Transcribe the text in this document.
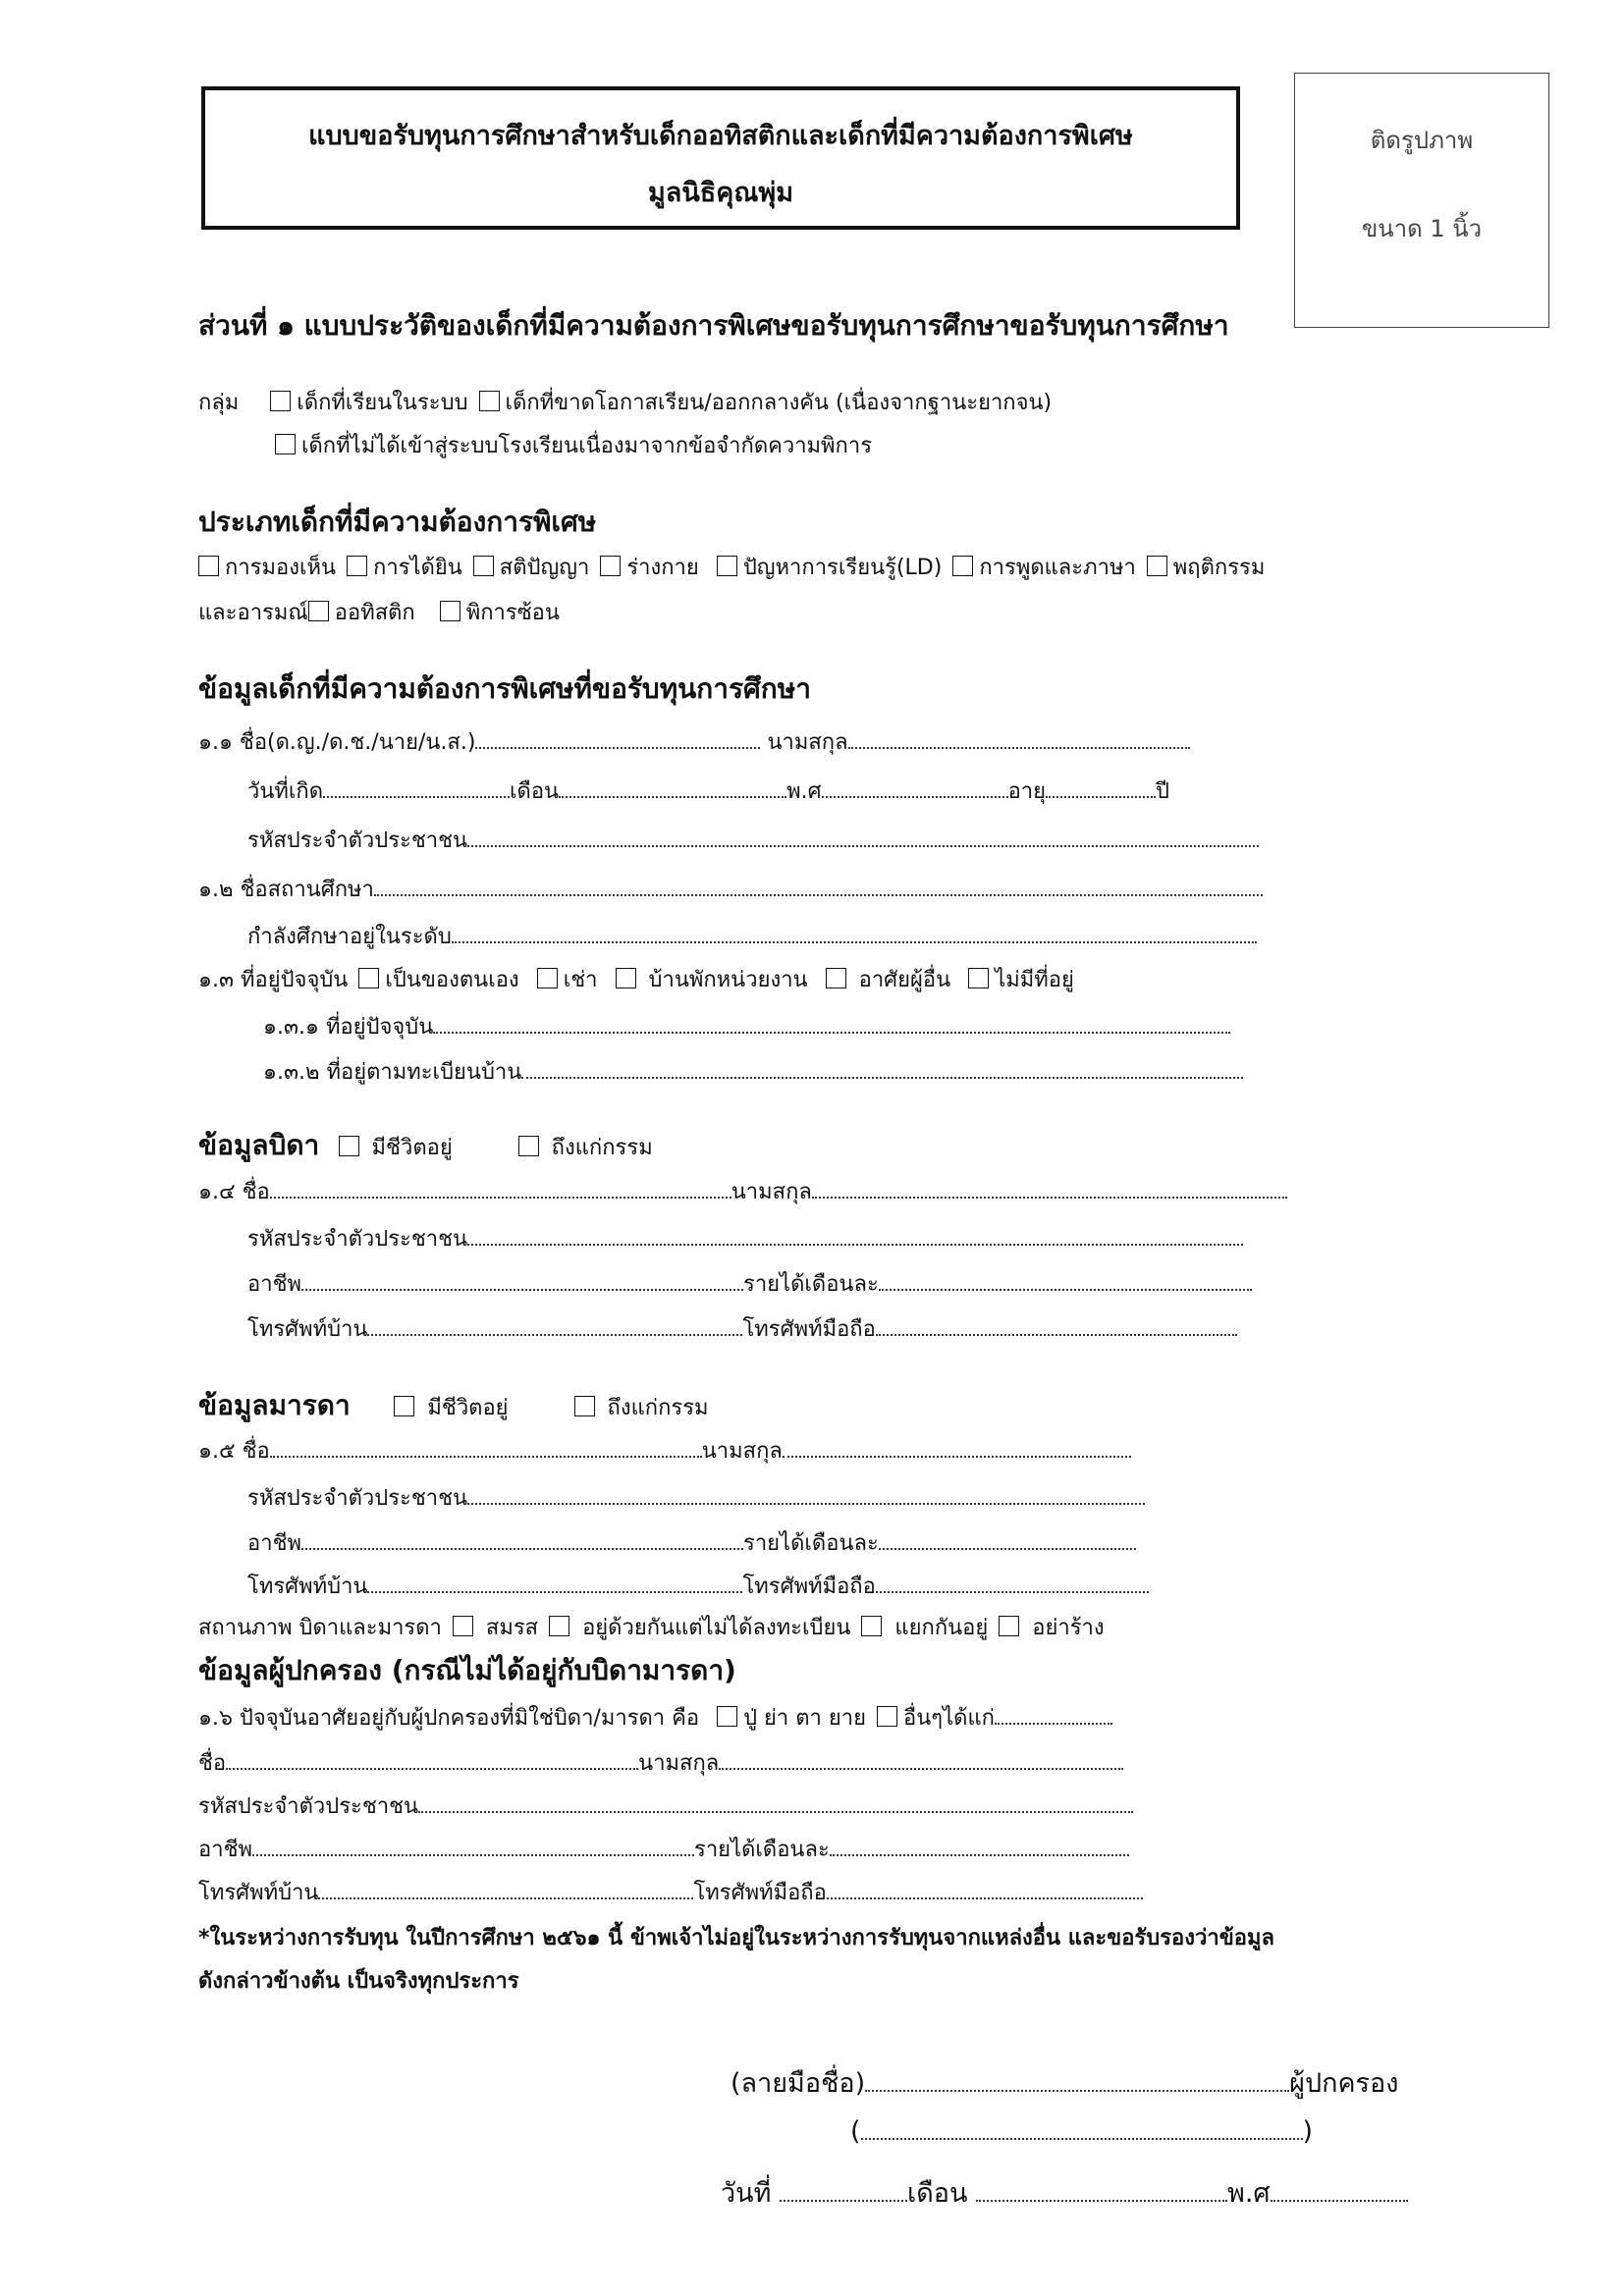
แบบขอรับทุนการศึกษาสำหรับเด็กออทิสติกและเด็กที่มีความต้องการพิเศษ
มูลนิธิคุณพุ่ม
ติดรูปภาพ
ขนาด 1 นิ้ว
ส่วนที่ ๑ แบบประวัติของเด็กที่มีความต้องการพิเศษขอรับทุนการศึกษาขอรับทุนการศึกษา
กลุ่ม	เด็กที่เรียนในระบบ เด็กที่ขาดโอกาสเรียน/ออกกลางคัน (เนื่องจากฐานะยากจน)
เด็กที่ไม่ได้เข้าสู่ระบบโรงเรียนเนื่องมาจากข้อจำกัดความพิการ
ประเภทเด็กที่มีความต้องการพิเศษ
การมองเห็น การได้ยิน สติปัญญา ร่างกาย ปัญหาการเรียนรู้(LD) การพูดและภาษา พฤติกรรม
และอารมณ์ ออทิสติก พิการซ้อน
ข้อมูลเด็กที่มีความต้องการพิเศษที่ขอรับทุนการศึกษา
๑.๑ ชื่อ(ด.ญ./ด.ช./นาย/น.ส.)	นามสกุล
วันที่เกิด	เดือน	พ.ศ	อายุ	ปี
รหัสประจำตัวประชาชน
๑.๒ ชื่อสถานศึกษา
กำลังศึกษาอยู่ในระดับ
๑.๓ ที่อยู่ปัจจุบัน เป็นของตนเอง เช่า บ้านพักหน่วยงาน อาศัยผู้อื่น ไม่มีที่อยู่
๑.๓.๑ ที่อยู่ปัจจุบัน
๑.๓.๒ ที่อยู่ตามทะเบียนบ้าน
ข้อมูลบิดา มีชีวิตอยู่	ถึงแก่กรรม
๑.๔ ชื่อ	นามสกุล
รหัสประจำตัวประชาชน
อาชีพ	รายได้เดือนละ
โทรศัพท์บ้าน	โทรศัพท์มือถือ
ข้อมูลมารดา	มีชีวิตอยู่	ถึงแก่กรรม
๑.๕ ชื่อ	นามสกุล
รหัสประจำตัวประชาชน
อาชีพ	รายได้เดือนละ
โทรศัพท์บ้าน	โทรศัพท์มือถือ
สถานภาพ บิดาและมารดา สมรส อยู่ด้วยกันแต่ไม่ได้ลงทะเบียน แยกกันอยู่ อย่าร้าง
ข้อมูลผู้ปกครอง (กรณีไม่ได้อยู่กับบิดามารดา)
๑.๖ ปัจจุบันอาศัยอยู่กับผู้ปกครองที่มิใช่บิดา/มารดา คือ ปู่ ย่า ตา ยาย อื่นๆได้แก่
ชื่อ	นามสกุล
รหัสประจำตัวประชาชน
อาชีพ	รายได้เดือนละ
โทรศัพท์บ้าน	โทรศัพท์มือถือ
*ในระหว่างการรับทุน ในปีการศึกษา ๒๕๖๑ นี้ ข้าพเจ้าไม่อยู่ในระหว่างการรับทุนจากแหล่งอื่น และขอรับรองว่าข้อมูล
ดังกล่าวข้างต้น เป็นจริงทุกประการ
(ลายมือชื่อ)	ผู้ปกครอง
(	)
วันที่	เดือน	พ.ศ
